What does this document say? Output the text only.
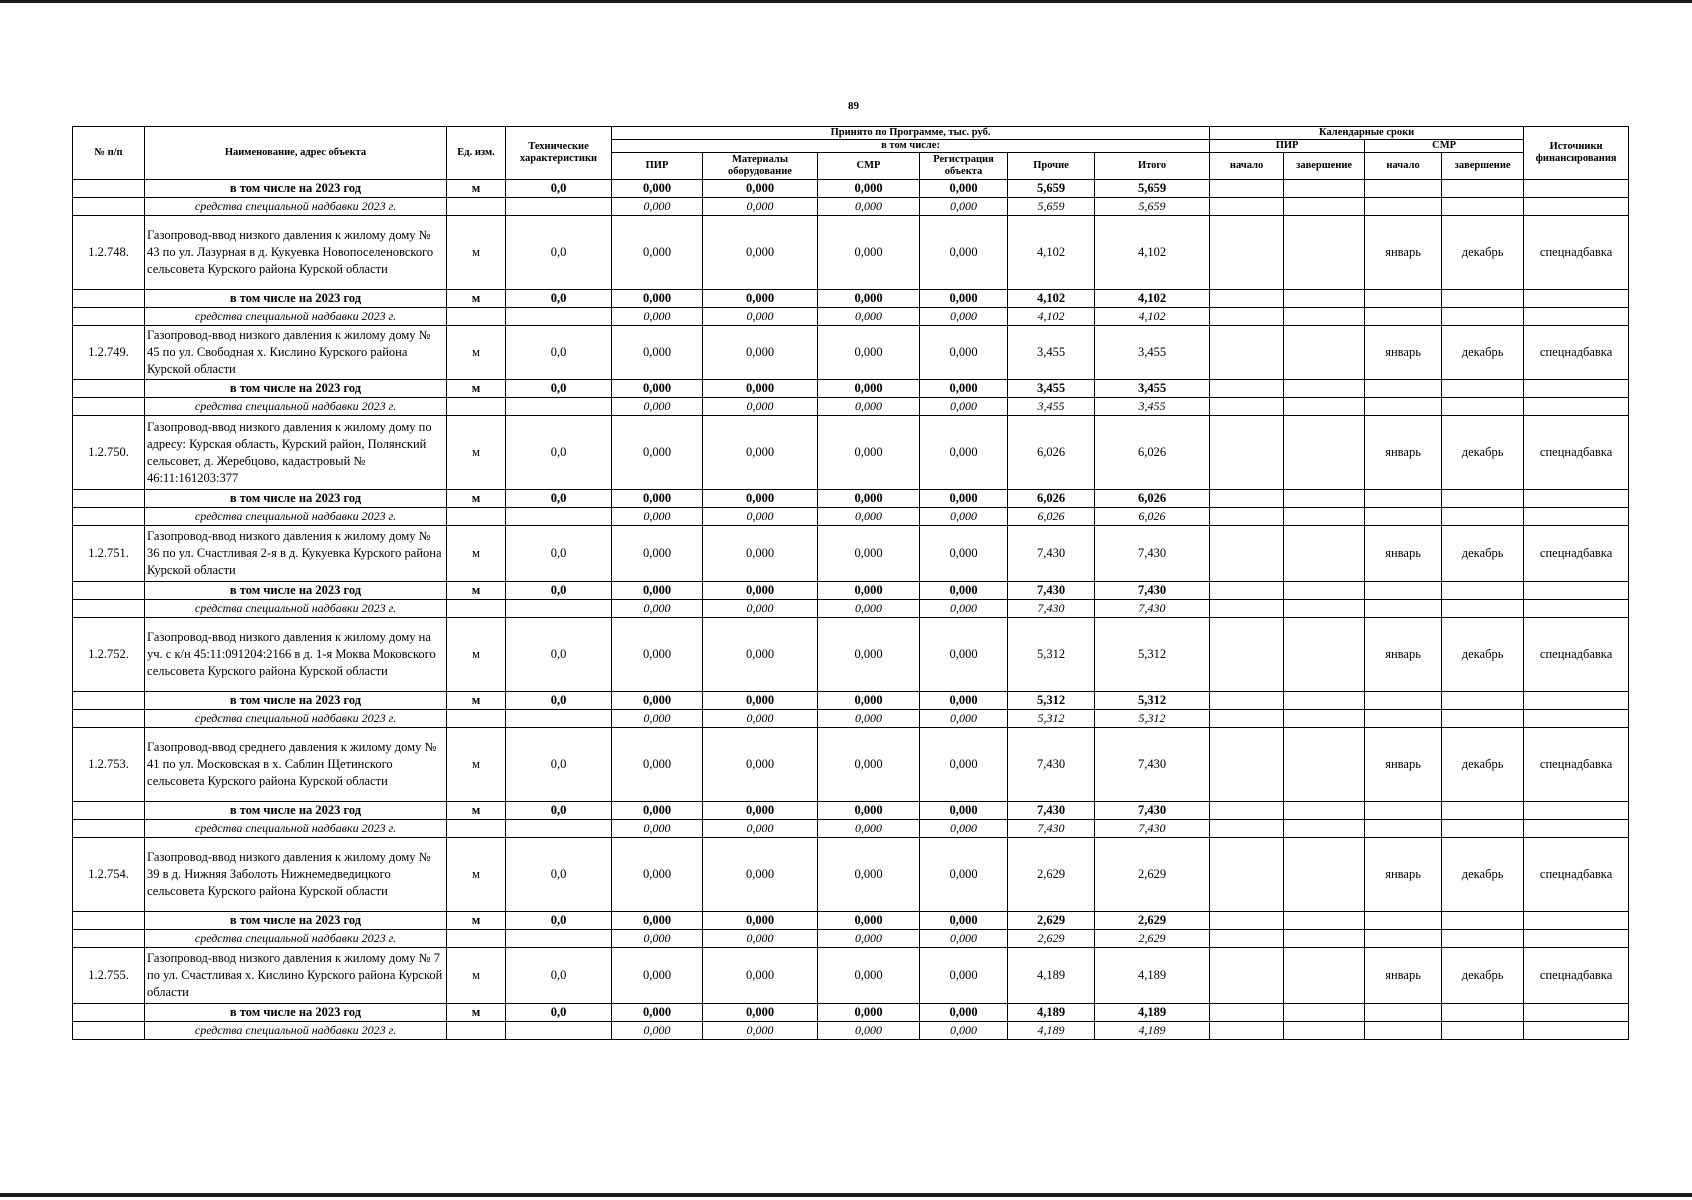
89
№ п/п	Наименование, адрес объекта	Ед. изм.	Технические характеристики	Принято по Программе, тыс. руб.						Календарные сроки				Источники финансирования
				в том числе:						ПИР		СМР		
				ПИР	Материалы оборудование	СМР	Регистрация объекта	Прочие	Итого	начало	завершение	начало	завершение	
	в том числе на 2023 год	м	0,0	0,000	0,000	0,000	0,000	5,659	5,659					
	средства специальной надбавки 2023 г.			0,000	0,000	0,000	0,000	5,659	5,659					
1.2.748.	Газопровод-ввод низкого давления к жилому дому № 43 по ул. Лазурная в д. Кукуевка Новопоселеновского сельсовета Курского района Курской области	м	0,0	0,000	0,000	0,000	0,000	4,102	4,102			январь	декабрь	спецнадбавка
	в том числе на 2023 год	м	0,0	0,000	0,000	0,000	0,000	4,102	4,102					
	средства специальной надбавки 2023 г.			0,000	0,000	0,000	0,000	4,102	4,102					
1.2.749.	Газопровод-ввод низкого давления к жилому дому № 45 по ул. Свободная х. Кислино Курского района Курской области	м	0,0	0,000	0,000	0,000	0,000	3,455	3,455			январь	декабрь	спецнадбавка
	в том числе на 2023 год	м	0,0	0,000	0,000	0,000	0,000	3,455	3,455					
	средства специальной надбавки 2023 г.			0,000	0,000	0,000	0,000	3,455	3,455					
1.2.750.	Газопровод-ввод низкого давления к жилому дому по адресу: Курская область, Курский район, Полянский сельсовет, д. Жеребцово, кадастровый № 46:11:161203:377	м	0,0	0,000	0,000	0,000	0,000	6,026	6,026			январь	декабрь	спецнадбавка
	в том числе на 2023 год	м	0,0	0,000	0,000	0,000	0,000	6,026	6,026					
	средства специальной надбавки 2023 г.			0,000	0,000	0,000	0,000	6,026	6,026					
1.2.751.	Газопровод-ввод низкого давления к жилому дому № 36 по ул. Счастливая 2-я в д. Кукуевка Курского района Курской области	м	0,0	0,000	0,000	0,000	0,000	7,430	7,430			январь	декабрь	спецнадбавка
	в том числе на 2023 год	м	0,0	0,000	0,000	0,000	0,000	7,430	7,430					
	средства специальной надбавки 2023 г.			0,000	0,000	0,000	0,000	7,430	7,430					
1.2.752.	Газопровод-ввод низкого давления к жилому дому на уч. с к/н 45:11:091204:2166 в д. 1-я Моква Моковского сельсовета Курского района Курской области	м	0,0	0,000	0,000	0,000	0,000	5,312	5,312			январь	декабрь	спецнадбавка
	в том числе на 2023 год	м	0,0	0,000	0,000	0,000	0,000	5,312	5,312					
	средства специальной надбавки 2023 г.			0,000	0,000	0,000	0,000	5,312	5,312					
1.2.753.	Газопровод-ввод среднего давления к жилому дому № 41 по ул. Московская в х. Саблин Щетинского сельсовета Курского района Курской области	м	0,0	0,000	0,000	0,000	0,000	7,430	7,430			январь	декабрь	спецнадбавка
	в том числе на 2023 год	м	0,0	0,000	0,000	0,000	0,000	7,430	7,430					
	средства специальной надбавки 2023 г.			0,000	0,000	0,000	0,000	7,430	7,430					
1.2.754.	Газопровод-ввод низкого давления к жилому дому № 39 в д. Нижняя Заболоть Нижнемедведицкого сельсовета Курского района Курской области	м	0,0	0,000	0,000	0,000	0,000	2,629	2,629			январь	декабрь	спецнадбавка
	в том числе на 2023 год	м	0,0	0,000	0,000	0,000	0,000	2,629	2,629					
	средства специальной надбавки 2023 г.			0,000	0,000	0,000	0,000	2,629	2,629					
1.2.755.	Газопровод-ввод низкого давления к жилому дому № 7 по ул. Счастливая х. Кислино Курского района Курской области	м	0,0	0,000	0,000	0,000	0,000	4,189	4,189			январь	декабрь	спецнадбавка
	в том числе на 2023 год	м	0,0	0,000	0,000	0,000	0,000	4,189	4,189					
	средства специальной надбавки 2023 г.			0,000	0,000	0,000	0,000	4,189	4,189					
